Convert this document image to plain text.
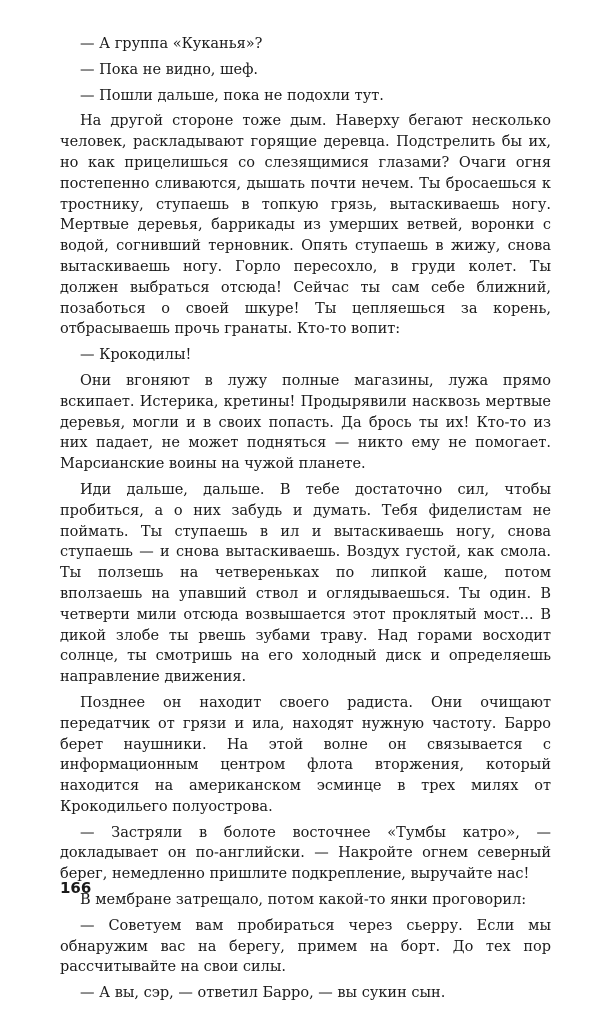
— А группа «Куканья»?

— Пока не видно, шеф.

— Пошли дальше, пока не подохли тут.

На другой стороне тоже дым. Наверху бегают несколько человек, раскладывают горящие деревца. Подстрелить бы их, но как прицелишься со слезящимися глазами? Очаги огня постепенно сливаются, дышать почти нечем. Ты бросаешься к тростнику, ступаешь в топкую грязь, вытаскиваешь ногу. Мертвые деревья, баррикады из умерших ветвей, воронки с водой, согнивший терновник. Опять ступаешь в жижу, снова вытаскиваешь ногу. Горло пересохло, в груди колет. Ты должен выбраться отсюда! Сейчас ты сам себе ближний, позаботься о своей шкуре! Ты цепляешься за корень, отбрасываешь прочь гранаты. Кто-то вопит:

— Крокодилы!

Они вгоняют в лужу полные магазины, лужа прямо вскипает. Истерика, кретины! Продырявили насквозь мертвые деревья, могли и в своих попасть. Да брось ты их! Кто-то из них падает, не может подняться — никто ему не помогает. Марсианские воины на чужой планете.

Иди дальше, дальше. В тебе достаточно сил, чтобы пробиться, а о них забудь и думать. Тебя фиделистам не поймать. Ты ступаешь в ил и вытаскиваешь ногу, снова ступаешь — и снова вытаскиваешь. Воздух густой, как смола. Ты ползешь на четвереньках по липкой каше, потом вползаешь на упавший ствол и оглядываешься. Ты один. В четверти мили отсюда возвышается этот проклятый мост... В дикой злобе ты рвешь зубами траву. Над горами восходит солнце, ты смотришь на его холодный диск и определяешь направление движения.

Позднее он находит своего радиста. Они очищают передатчик от грязи и ила, находят нужную частоту. Барро берет наушники. На этой волне он связывается с информационным центром флота вторжения, который находится на американском эсминце в трех милях от Крокодильего полуострова.

— Застряли в болоте восточнее «Тумбы катро», — докладывает он по-английски. — Накройте огнем северный берег, немедленно пришлите подкрепление, выручайте нас!

В мембране затрещало, потом какой-то янки проговорил:

— Советуем вам пробираться через сьерру. Если мы обнаружим вас на берегу, примем на борт. До тех пор рассчитывайте на свои силы.

— А вы, сэр, — ответил Барро, — вы сукин сын.

166
